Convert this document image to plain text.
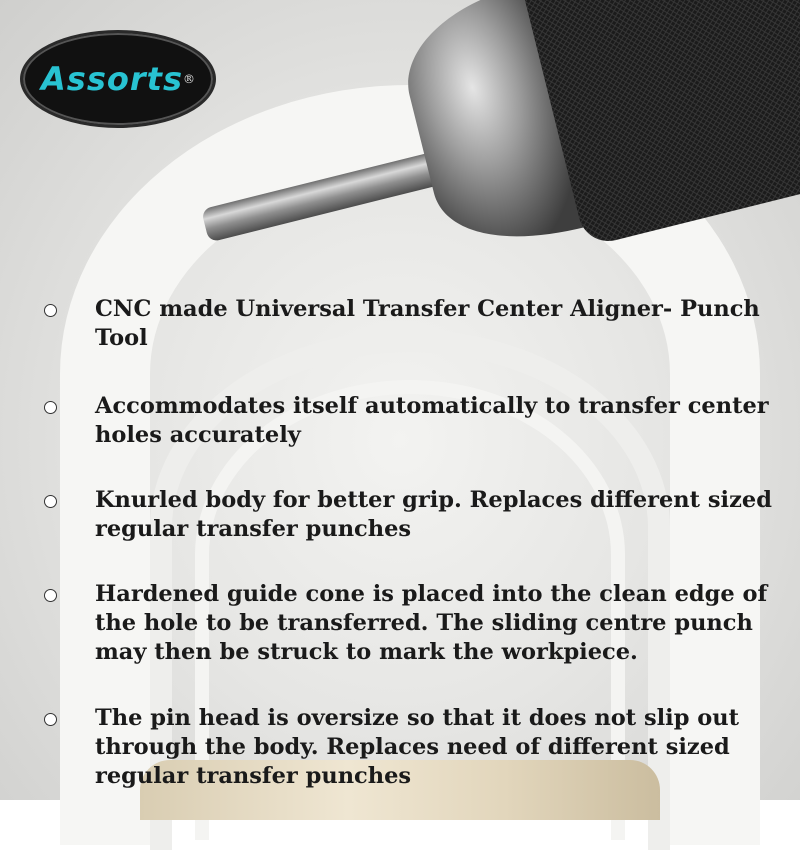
Assorts ®
CNC made Universal Transfer Center Aligner- Punch Tool
Accommodates itself automatically to transfer center holes accurately
Knurled body for better grip. Replaces different sized regular transfer punches
Hardened guide cone is placed into the clean edge of the hole to be transferred. The sliding centre punch may then be struck to mark the workpiece.
The pin head is oversize so that it does not slip out through the body. Replaces need of different sized regular transfer punches
